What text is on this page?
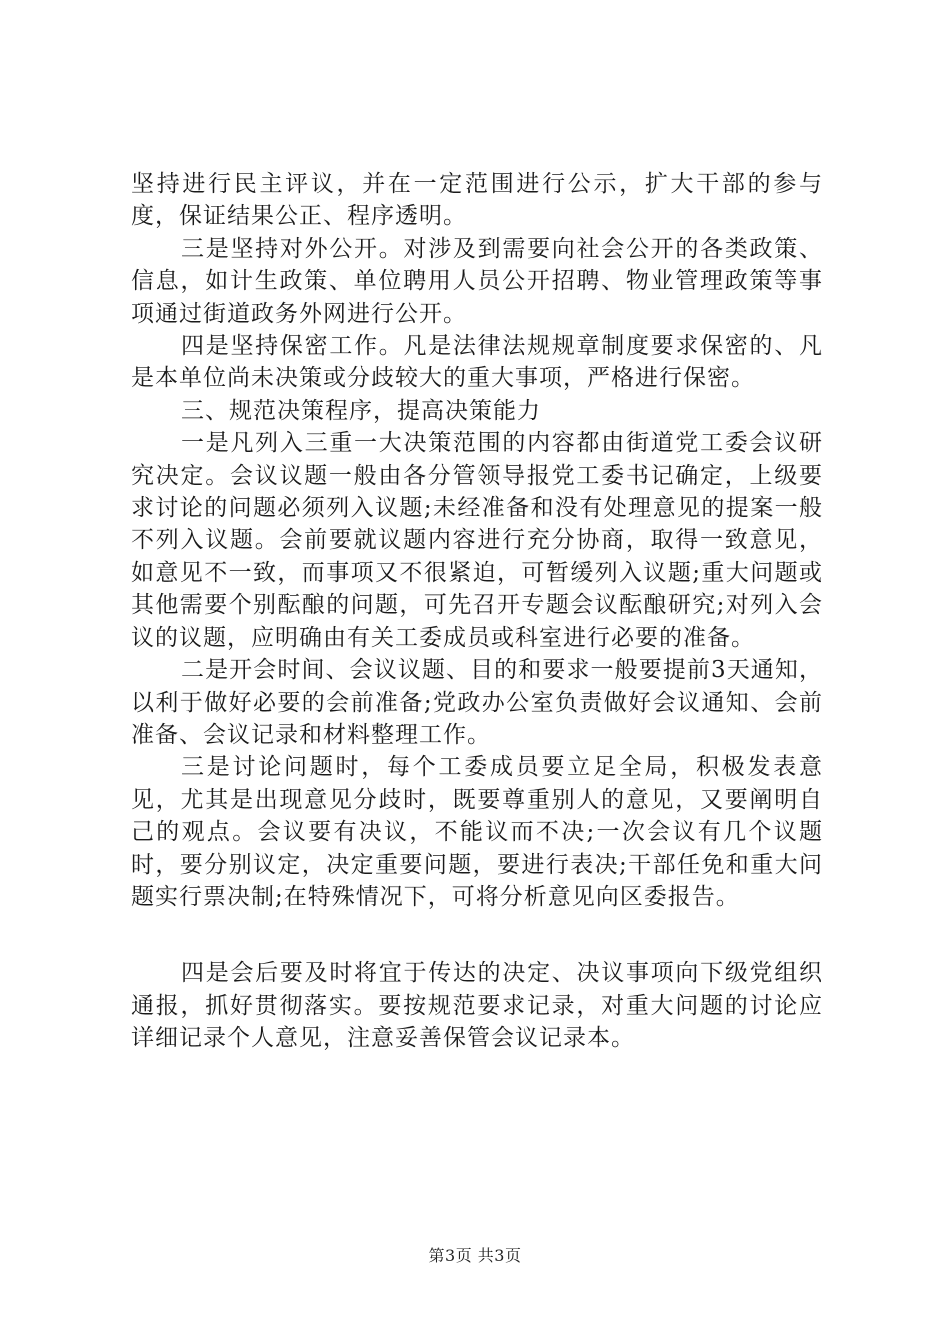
坚持进行民主评议，并在一定范围进行公示，扩大干部的参与度，保证结果公正、程序透明。

三是坚持对外公开。对涉及到需要向社会公开的各类政策、信息，如计生政策、单位聘用人员公开招聘、物业管理政策等事项通过街道政务外网进行公开。

四是坚持保密工作。凡是法律法规规章制度要求保密的、凡是本单位尚未决策或分歧较大的重大事项，严格进行保密。

三、规范决策程序，提高决策能力

一是凡列入三重一大决策范围的内容都由街道党工委会议研究决定。会议议题一般由各分管领导报党工委书记确定，上级要求讨论的问题必须列入议题;未经准备和没有处理意见的提案一般不列入议题。会前要就议题内容进行充分协商，取得一致意见，如意见不一致，而事项又不很紧迫，可暂缓列入议题;重大问题或其他需要个别酝酿的问题，可先召开专题会议酝酿研究;对列入会议的议题，应明确由有关工委成员或科室进行必要的准备。

二是开会时间、会议议题、目的和要求一般要提前3天通知，以利于做好必要的会前准备;党政办公室负责做好会议通知、会前准备、会议记录和材料整理工作。

三是讨论问题时，每个工委成员要立足全局，积极发表意见，尤其是出现意见分歧时，既要尊重别人的意见，又要阐明自己的观点。会议要有决议，不能议而不决;一次会议有几个议题时，要分别议定，决定重要问题，要进行表决;干部任免和重大问题实行票决制;在特殊情况下，可将分析意见向区委报告。

四是会后要及时将宜于传达的决定、决议事项向下级党组织通报，抓好贯彻落实。要按规范要求记录，对重大问题的讨论应详细记录个人意见，注意妥善保管会议记录本。

第3页 共3页
